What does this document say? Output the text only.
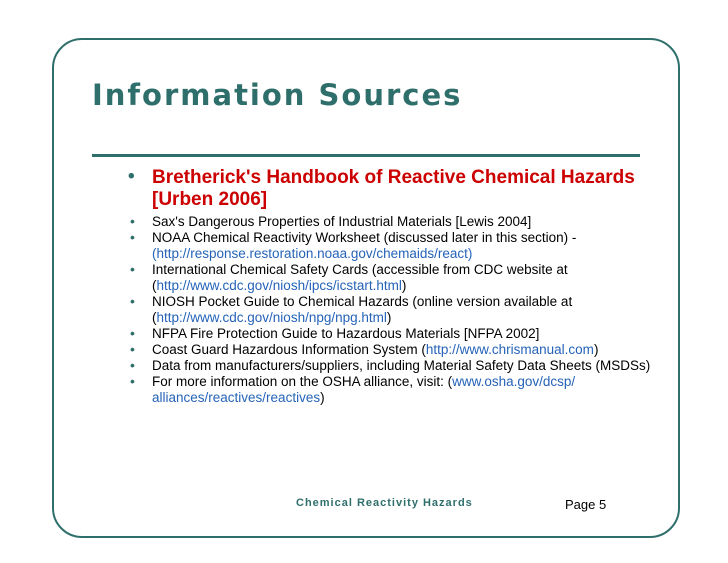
Information Sources
• Bretherick's Handbook of Reactive Chemical Hazards [Urben 2006]
• Sax's Dangerous Properties of Industrial Materials [Lewis 2004]
• NOAA Chemical Reactivity Worksheet (discussed later in this section) - (http://response.restoration.noaa.gov/chemaids/react)
• International Chemical Safety Cards (accessible from CDC website at (http://www.cdc.gov/niosh/ipcs/icstart.html)
• NIOSH Pocket Guide to Chemical Hazards (online version available at (http://www.cdc.gov/niosh/npg/npg.html)
• NFPA Fire Protection Guide to Hazardous Materials [NFPA 2002]
• Coast Guard Hazardous Information System (http://www.chrismanual.com)
• Data from manufacturers/suppliers, including Material Safety Data Sheets (MSDSs)
• For more information on the OSHA alliance, visit: (www.osha.gov/dcsp/ alliances/reactives/reactives)
Chemical Reactivity Hazards	Page 5
